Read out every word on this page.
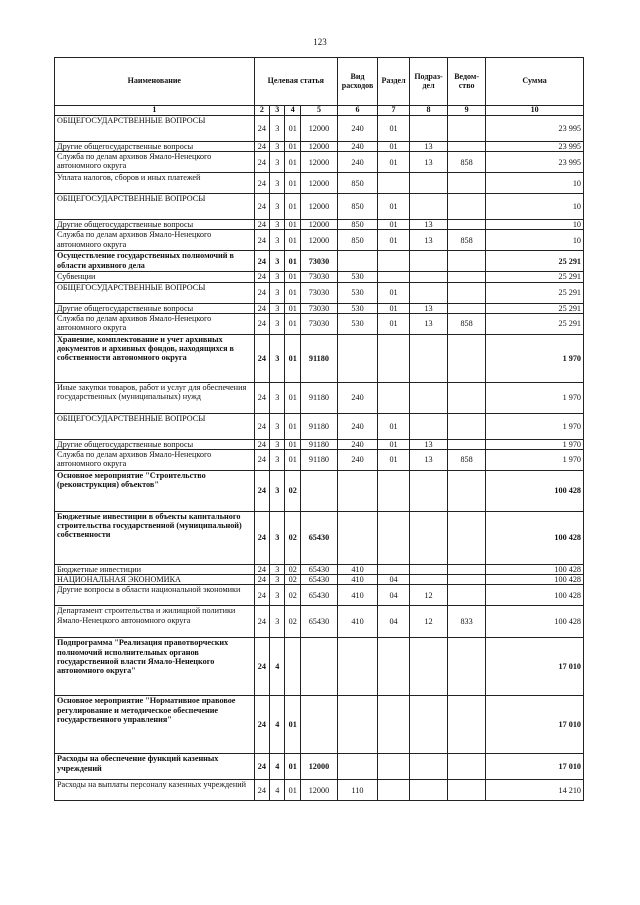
123
Наименование	Целевая статья				Вид расходов	Раздел	Подраз-дел	Ведом-ство	Сумма
1	2	3	4	5	6	7	8	9	10
ОБЩЕГОСУДАРСТВЕННЫЕ ВОПРОСЫ	24	3	01	12000	240	01			23 995
Другие общегосударственные вопросы	24	3	01	12000	240	01	13		23 995
Служба по делам архивов Ямало-Ненецкого автономного округа	24	3	01	12000	240	01	13	858	23 995
Уплата налогов, сборов и иных платежей	24	3	01	12000	850				10
ОБЩЕГОСУДАРСТВЕННЫЕ ВОПРОСЫ	24	3	01	12000	850	01			10
Другие общегосударственные вопросы	24	3	01	12000	850	01	13		10
Служба по делам архивов Ямало-Ненецкого автономного округа	24	3	01	12000	850	01	13	858	10
Осуществление государственных полномочий в области архивного дела	24	3	01	73030					25 291
Субвенции	24	3	01	73030	530				25 291
ОБЩЕГОСУДАРСТВЕННЫЕ ВОПРОСЫ	24	3	01	73030	530	01			25 291
Другие общегосударственные вопросы	24	3	01	73030	530	01	13		25 291
Служба по делам архивов Ямало-Ненецкого автономного округа	24	3	01	73030	530	01	13	858	25 291
Хранение, комплектование и учет архивных документов и архивных фондов, находящихся в собственности автономного округа	24	3	01	91180					1 970
Иные закупки товаров, работ и услуг для обеспечения государственных (муниципальных) нужд	24	3	01	91180	240				1 970
ОБЩЕГОСУДАРСТВЕННЫЕ ВОПРОСЫ	24	3	01	91180	240	01			1 970
Другие общегосударственные вопросы	24	3	01	91180	240	01	13		1 970
Служба по делам архивов Ямало-Ненецкого автономного округа	24	3	01	91180	240	01	13	858	1 970
Основное мероприятие "Строительство (реконструкция) объектов"	24	3	02						100 428
Бюджетные инвестиции в объекты капитального строительства государственной (муниципальной) собственности	24	3	02	65430					100 428
Бюджетные инвестиции	24	3	02	65430	410				100 428
НАЦИОНАЛЬНАЯ ЭКОНОМИКА	24	3	02	65430	410	04			100 428
Другие вопросы в области национальной экономики	24	3	02	65430	410	04	12		100 428
Департамент строительства и жилищной политики Ямало-Ненецкого автономного округа	24	3	02	65430	410	04	12	833	100 428
Подпрограмма "Реализация правотворческих полномочий исполнительных органов государственной власти Ямало-Ненецкого автономного округа"	24	4							17 010
Основное мероприятие "Нормативное правовое регулирование и методическое обеспечение государственного управления"	24	4	01						17 010
Расходы на обеспечение функций казенных учреждений	24	4	01	12000					17 010
Расходы на выплаты персоналу казенных учреждений	24	4	01	12000	110				14 210
